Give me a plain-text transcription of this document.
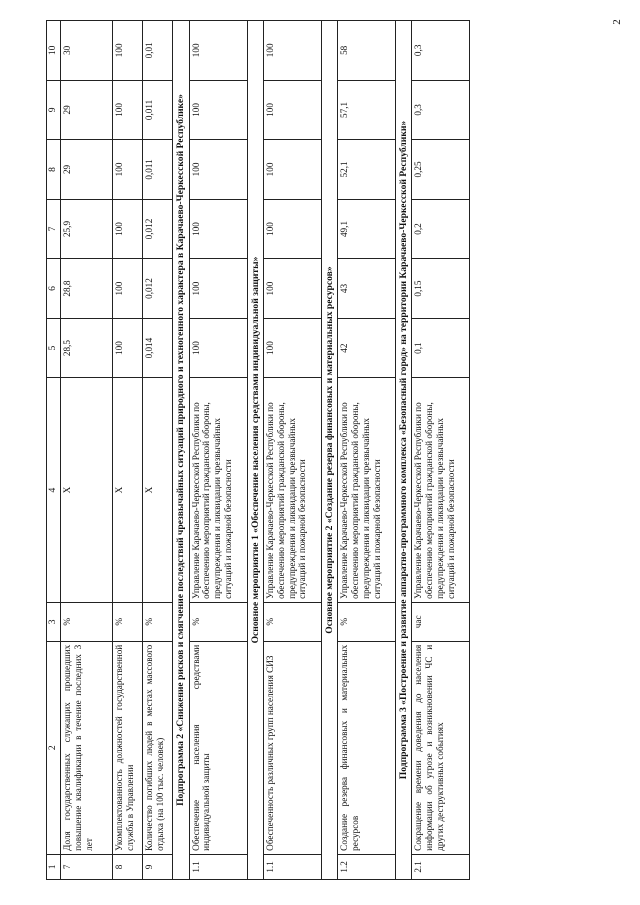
2
1	2	3	4	5	6	7	8	9	10
7	Доля государственных служащих прошедших повышение квалификации в течение последних 3 лет	%	X	28,5	28,8	25,9	29	29	30
8	Укомплектованность должностей государственной службы в Управлении	%	X	100	100	100	100	100	100
9	Количество погибших людей в местах массового отдыха (на 100 тыс. человек)	%	X	0,014	0,012	0,012	0,011	0,011	0,01
Подпрограмма 2 «Снижение рисков и смягчение последствий чрезвычайных ситуаций природного и техногенного характера в Карачаево-Черкесской Республике»									
1.1	Обеспечение населения средствами индивидуальной защиты	%	Управление Карачаево-Черкесской Республики по обеспечению мероприятий гражданской обороны, предупреждения и ликвидации чрезвычайных ситуаций и пожарной безопасности	100	100	100	100	100	100
Основное мероприятие 1 «Обеспечение населения средствами индивидуальной защиты»									
1.1	Обеспеченность различных групп населения СИЗ	%	Управление Карачаево-Черкесской Республики по обеспечению мероприятий гражданской обороны, предупреждения и ликвидации чрезвычайных ситуаций и пожарной безопасности	100	100	100	100	100	100
Основное мероприятие 2 «Создание резерва финансовых и материальных ресурсов»									
1.2	Создание резерва финансовых и материальных ресурсов	%	Управление Карачаево-Черкесской Республики по обеспечению мероприятий гражданской обороны, предупреждения и ликвидации чрезвычайных ситуаций и пожарной безопасности	42	43	49,1	52,1	57,1	58
Подпрограмма 3 «Построение и развитие аппаратно-программного комплекса «Безопасный город» на территории Карачаево-Черкесской Республики»									
2.1	Сокращение времени доведения до населения информации об угрозе и возникновении ЧС и других деструктивных событиях	час	Управление Карачаево-Черкесской Республики по обеспечению мероприятий гражданской обороны, предупреждения и ликвидации чрезвычайных ситуаций и пожарной безопасности	0,1	0,15	0,2	0,25	0,3	0,3
